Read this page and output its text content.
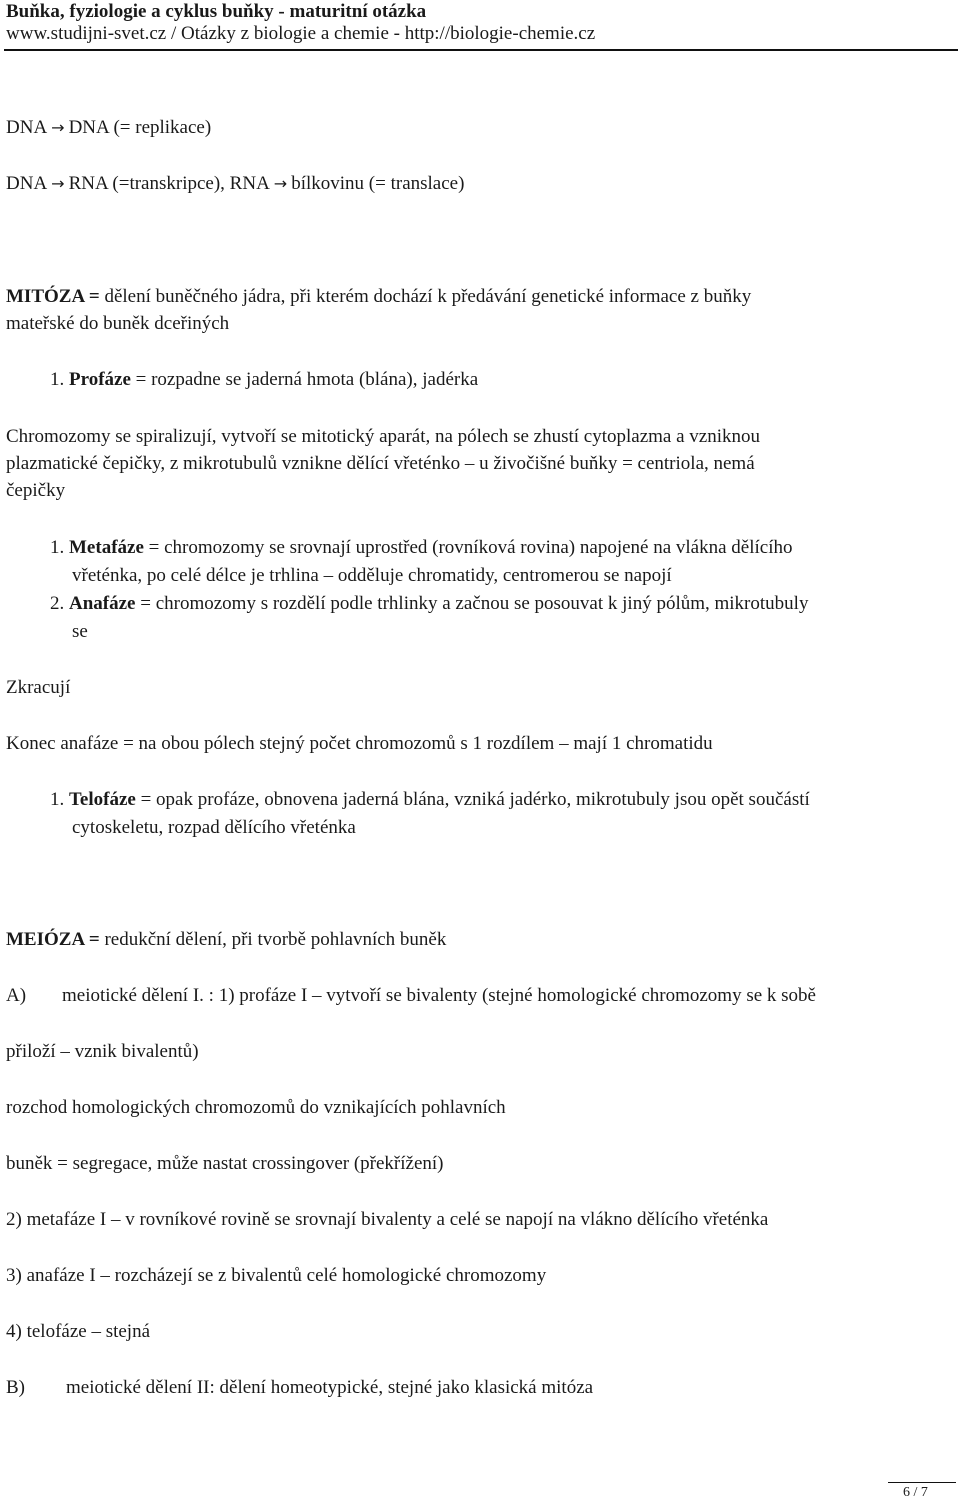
Buňka, fyziologie a cyklus buňky - maturitní otázka
www.studijni-svet.cz / Otázky z biologie a chemie - http://biologie-chemie.cz
DNA → DNA (= replikace)
DNA → RNA (=transkripce), RNA → bílkovinu (= translace)
MITÓZA = dělení buněčného jádra, při kterém dochází k předávání genetické informace z buňky
mateřské do buněk dceřiných
1. Profáze = rozpadne se jaderná hmota (blána), jadérka
Chromozomy se spiralizují, vytvoří se mitotický aparát, na pólech se zhustí cytoplazma a vzniknou
plazmatické čepičky, z mikrotubulů vznikne dělící vřeténko – u živočišné buňky = centriola, nemá
čepičky
1. Metafáze = chromozomy se srovnají uprostřed (rovníková rovina) napojené na vlákna dělícího
vřeténka, po celé délce je trhlina – odděluje chromatidy, centromerou se napojí
2. Anafáze = chromozomy s rozdělí podle trhlinky a začnou se posouvat k jiný pólům, mikrotubuly
se
Zkracují
Konec anafáze = na obou pólech stejný počet chromozomů s 1 rozdílem – mají 1 chromatidu
1. Telofáze = opak profáze, obnovena jaderná blána, vzniká jadérko, mikrotubuly jsou opět součástí
cytoskeletu, rozpad dělícího vřeténka
MEIÓZA = redukční dělení, při tvorbě pohlavních buněk
A) meiotické dělení I. : 1) profáze I – vytvoří se bivalenty (stejné homologické chromozomy se k sobě
přiloží – vznik bivalentů)
rozchod homologických chromozomů do vznikajících pohlavních
buněk = segregace, může nastat crossingover (překřížení)
2) metafáze I – v rovníkové rovině se srovnají bivalenty a celé se napojí na vlákno dělícího vřeténka
3) anafáze I – rozcházejí se z bivalentů celé homologické chromozomy
4) telofáze – stejná
B) meiotické dělení II: dělení homeotypické, stejné jako klasická mitóza
6 / 7
